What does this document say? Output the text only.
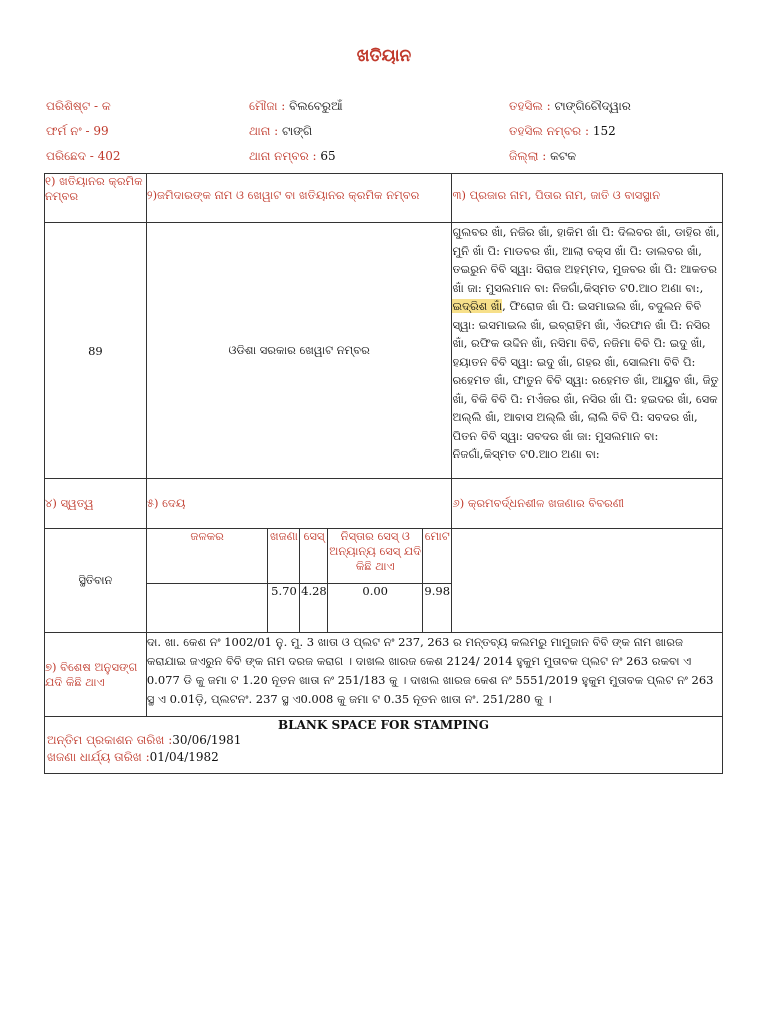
ଖତିୟାନ
ପରିଶିଷ୍ଟ - କ
ଫର୍ମ ନଂ - 99
ପରିଛେଦ - 402
ମୌଜା : ବିଲବେରୁଆଁ
ଥାନା : ଟାଙ୍ଗି
ଥାନା ନମ୍ବର : 65
ତହସିଲ : ଟାଙ୍ଗିଚୌଦ୍ୱାର
ତହସିଲ ନମ୍ବର : 152
ଜିଲ୍ଲା : କଟକ
୧) ଖତିୟାନର କ୍ରମିକ ନମ୍ବର	୨)ଜମିଦାରଙ୍କ ନାମ ଓ ଖେୱାଟ ବା ଖତିୟାନର କ୍ରମିକ ନମ୍ବର	୩) ପ୍ରଜାର ନାମ, ପିତାର ନାମ, ଜାତି ଓ ବାସସ୍ଥାନ
89	ଓଡିଶା ସରକାର ଖେୱାଟ ନମ୍ବର	ଗୁଲବର ଖାଁ, ନଜିର ଖାଁ, ହାକିମ ଖାଁ ପି: ଦିଲବର ଖାଁ, ଡାହିର ଖାଁ, ମୁନି ଖାଁ ପି: ମାଡବର ଖାଁ, ଆଲା ବକ୍ସ ଖାଁ ପି: ଡାଲବର ଖାଁ, ତଇରୁନ ବିବି ସ୍ୱା: ସିରାଜ ଅହମ୍ମଦ, ମୁଜବର ଖାଁ ପି: ଆକତର ଖାଁ ଜା: ମୁସଲମାନ ବା: ନିଜଗାଁ,କିସ୍ମତ ଟ0.ଆଠ ଅଣା ବା:,
ଇଦ୍ରିଶ ଖାଁ, ଫିରୋଜ ଖାଁ ପି: ଇସମାଇଲ ଖାଁ, ବଦୁଲନ ବିବି ସ୍ୱା: ଇସମାଇଲ ଖାଁ, ଇବ୍ରାହିମ ଖାଁ, ଏଁରଫାନ ଖାଁ ପି: ନସିର ଖାଁ, ରଫିକ ଉଦ୍ଦିନ ଖାଁ, ନସିମା ବିବି, ନଜିମା ବିବି ପି: ଇଦୁ ଖାଁ, ହୟାତନ ବିବି ସ୍ୱା: ଇଦୁ ଖାଁ, ଗହର ଖାଁ, ସୋଲମା ବିବି ପି: ରହେମତ ଖାଁ, ଫାତୁନ ବିବି ସ୍ୱା: ରହେମତ ଖାଁ, ଆୟୁବ ଖାଁ, ଜିତୁ ଖାଁ, ବିକି ବିବି ପି: ମଏଁଜର ଖାଁ, ନସିର ଖାଁ ପି: ହଇଦର ଖାଁ, ସେକ ଅଲ୍ଲି ଖାଁ, ଆବାସ ଅଲ୍ଲି ଖାଁ, ଲାଲି ବିବି ପି: ସବଦର ଖାଁ, ପିତନ ବିବି ସ୍ୱା: ସବଦର ଖାଁ ଜା: ମୁସଲମାନ ବା: ନିଜଗାଁ,କିସ୍ମତ ଟ0.ଆଠ ଅଣା ବା:
୪) ସ୍ୱତ୍ୱ	୫) ଦେୟ	୬) କ୍ରମବର୍ଦ୍ଧନଶୀଳ ଖଜଣାର ବିବରଣୀ
ସ୍ଥିତିବାନ	
ଜଳକର	ଖଜଣା	ସେସ୍	ନିସ୍ତାର ସେସ୍ ଓ ଅନ୍ୟାନ୍ୟ ସେସ୍ ଯଦି କିଛି ଥାଏ	ମୋଟ
	5.70	4.28	0.00	9.98

୭) ବିଶେଷ ଅନୁସଙ୍ଗ ଯଦି କିଛି ଥାଏ	ଦା. ଖା. କେଶ ନଂ 1002/01 ନୁ. ମୁ. 3 ଖାତା ଓ ପ୍ଲଟ ନଂ 237, 263 ର ମନ୍ତବ୍ୟ କଲମରୁ ମାମୁଜାନ ବିବି ଙ୍କ ନାମ ଖାରଜ କରାଯାଇ ଜଏରୁନ ବିବି ଙ୍କ ନାମ ଦରଜ କରାଗ । ଦାଖଲ ଖାରଜ କେଶ 2124/ 2014 ହୁକୁମ ମୁତାବକ ପ୍ଲଟ ନଂ 263 ରକବା ଏ 0.077 ଡି କୁ ଜମା ଟ 1.20 ନୂତନ ଖାତା ନଂ 251/183 କୁ । ଦାଖଲ ଖାରଜ କେଶ ନଂ 5551/2019 ହୁକୁମ ମୁତାବକ ପ୍ଲଟ ନଂ 263 ସ୍ଥ ଏ 0.01ଡ଼ି, ପ୍ଲଟନଂ. 237 ସ୍ଥ ଏ0.008 କୁ ଜମା ଟ 0.35 ନୂତନ ଖାତା ନଂ. 251/280 କୁ ।
BLANK SPACE FOR STAMPING
ଅନ୍ତିମ ପ୍ରକାଶନ ତାରିଖ :30/06/1981
ଖଜଣା ଧାର୍ଯ୍ୟ ତାରିଖ :01/04/1982
